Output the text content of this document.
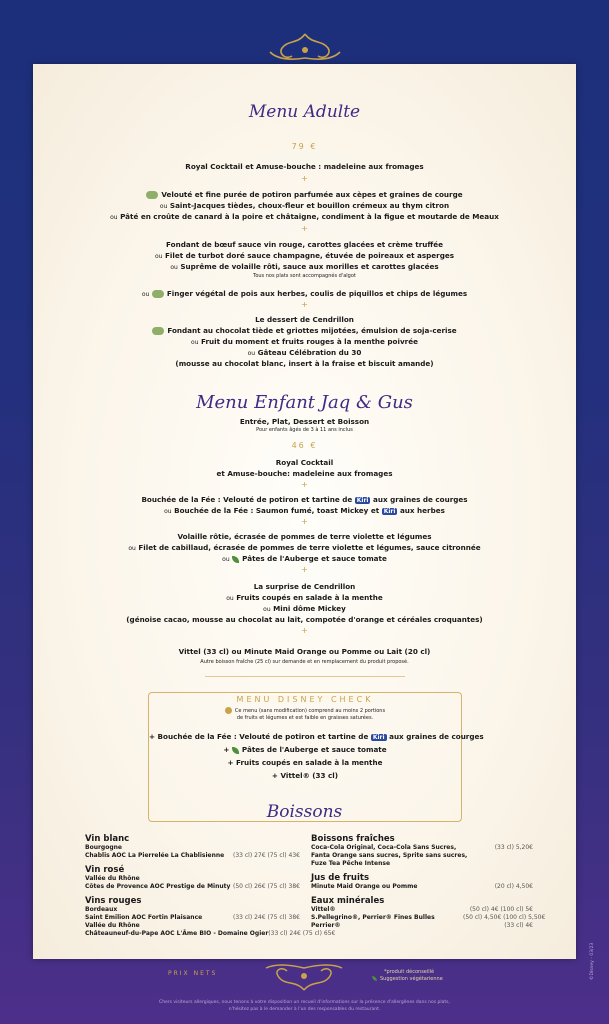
Menu Adulte
79 €
Royal Cocktail et Amuse-bouche : madeleine aux fromages
+
Velouté et fine purée de potiron parfumée aux cèpes et graines de courge
ou Saint-Jacques tièdes, choux-fleur et bouillon crémeux au thym citron
ou Pâté en croûte de canard à la poire et châtaigne, condiment à la figue et moutarde de Meaux
+
Fondant de bœuf sauce vin rouge, carottes glacées et crème truffée
ou Filet de turbot doré sauce champagne, étuvée de poireaux et asperges
ou Suprême de volaille rôti, sauce aux morilles et carottes glacées
Tous nos plats sont accompagnés d'algot
ou Finger végétal de pois aux herbes, coulis de piquillos et chips de légumes
+
Le dessert de Cendrillon
Fondant au chocolat tiède et griottes mijotées, émulsion de soja-cerise
ou Fruit du moment et fruits rouges à la menthe poivrée
ou Gâteau Célébration du 30
(mousse au chocolat blanc, insert à la fraise et biscuit amande)
Menu Enfant Jaq & Gus
Entrée, Plat, Dessert et Boisson
Pour enfants âgés de 3 à 11 ans inclus
46 €
Royal Cocktail
et Amuse-bouche: madeleine aux fromages
+
Bouchée de la Fée : Velouté de potiron et tartine de Kiri aux graines de courges
ou Bouchée de la Fée : Saumon fumé, toast Mickey et Kiri aux herbes
+
Volaille rôtie, écrasée de pommes de terre violette et légumes
ou Filet de cabillaud, écrasée de pommes de terre violette et légumes, sauce citronnée
ou Pâtes de l'Auberge et sauce tomate
+
La surprise de Cendrillon
ou Fruits coupés en salade à la menthe
ou Mini dôme Mickey
(génoise cacao, mousse au chocolat au lait, compotée d'orange et céréales croquantes)
+
Vittel (33 cl) ou Minute Maid Orange ou Pomme ou Lait (20 cl)
Autre boisson fraîche (25 cl) sur demande et en remplacement du produit proposé.
MENU DISNEY CHECK
Ce menu (sans modification) comprend au moins 2 portions
de fruits et légumes et est faible en graisses saturées.
+ Bouchée de la Fée : Velouté de potiron et tartine de Kiri aux graines de courges
+ Pâtes de l'Auberge et sauce tomate
+ Fruits coupés en salade à la menthe
+ Vittel® (33 cl)
Boissons
Vin blanc
Bourgogne
Chablis AOC La Pierrelée La Chablisienne	(33 cl) 27€ (75 cl) 43€
Vin rosé
Vallée du Rhône
Côtes de Provence AOC Prestige de Minuty (50 cl) 26€ (75 cl) 38€
Vins rouges
Bordeaux
Saint Emilion AOC Fortin Plaisance	(33 cl) 24€ (75 cl) 38€
Vallée du Rhône
Châteauneuf-du-Pape AOC L'Âme BIO - Domaine Ogier (33 cl) 24€ (75 cl) 65€
Boissons fraîches
Coca-Cola Original, Coca-Cola Sans Sucres,	(33 cl) 5,20€
Fanta Orange sans sucres, Sprite sans sucres,
Fuze Tea Pêche Intense
Jus de fruits
Minute Maid Orange ou Pomme	(20 cl) 4,50€
Eaux minérales
Vittel®	(50 cl) 4€ (100 cl) 5€
S.Pellegrino®, Perrier® Fines Bulles	(50 cl) 4,50€ (100 cl) 5,50€
Perrier®	(33 cl) 4€
PRIX NETS	*produit déconseillé
Suggestion végétarienne
Chers visiteurs allergiques, nous tenons à votre disposition un recueil d'informations sur la présence d'allergènes dans nos plats,
n'hésitez pas à le demander à l'un des responsables du restaurant.
©Disney - 03/23
